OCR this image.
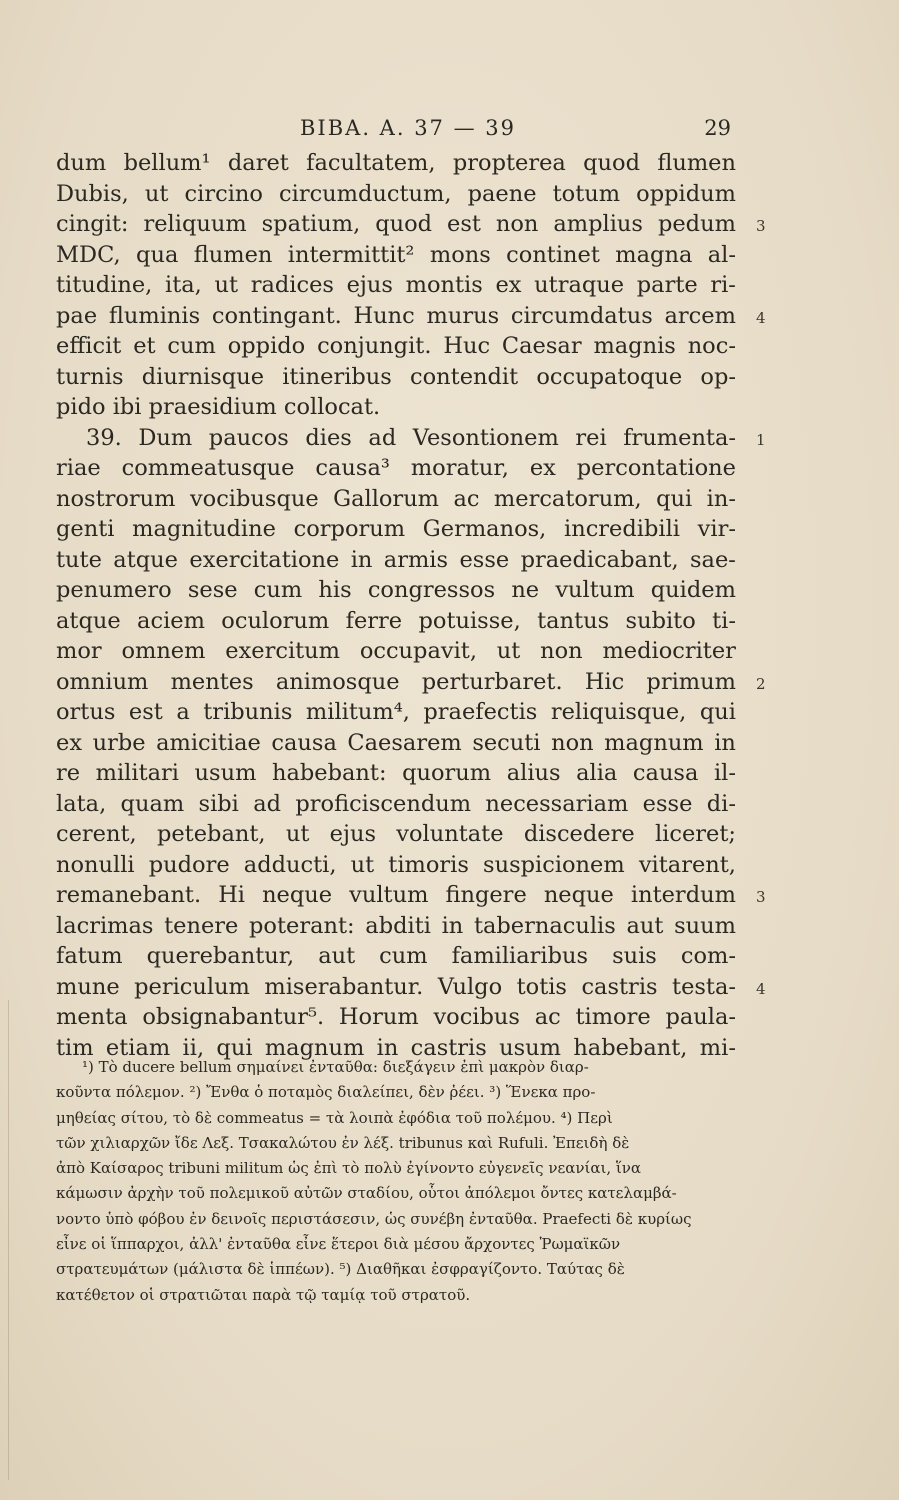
BIBA. A. 37 — 39	29
dum bellum¹ daret facultatem, propterea quod flumen
Dubis, ut circino circumductum, paene totum oppidum
cingit: reliquum spatium, quod est non amplius pedum 3
MDC, qua flumen intermittit² mons continet magna al-
titudine, ita, ut radices ejus montis ex utraque parte ri-
pae fluminis contingant. Hunc murus circumdatus arcem 4
efficit et cum oppido conjungit. Huc Caesar magnis noc-
turnis diurnisque itineribus contendit occupatoque op-
pido ibi praesidium collocat.
39. Dum paucos dies ad Vesontionem rei frumenta- 1
riae commeatusque causa³ moratur, ex percontatione
nostrorum vocibusque Gallorum ac mercatorum, qui in-
genti magnitudine corporum Germanos, incredibili vir-
tute atque exercitatione in armis esse praedicabant, sae-
penumero sese cum his congressos ne vultum quidem
atque aciem oculorum ferre potuisse, tantus subito ti-
mor omnem exercitum occupavit, ut non mediocriter
omnium mentes animosque perturbaret. Hic primum 2
ortus est a tribunis militum⁴, praefectis reliquisque, qui
ex urbe amicitiae causa Caesarem secuti non magnum in
re militari usum habebant: quorum alius alia causa il-
lata, quam sibi ad proficiscendum necessariam esse di-
cerent, petebant, ut ejus voluntate discedere liceret;
nonulli pudore adducti, ut timoris suspicionem vitarent,
remanebant. Hi neque vultum fingere neque interdum 3
lacrimas tenere poterant: abditi in tabernaculis aut suum
fatum querebantur, aut cum familiaribus suis com-
mune periculum miserabantur. Vulgo totis castris testa- 4
menta obsignabantur⁵. Horum vocibus ac timore paula-
tim etiam ii, qui magnum in castris usum habebant, mi-
¹) Τὸ ducere bellum σημαίνει ἐνταῦθα: διεξάγειν ἐπὶ μακρὸν διαρ-
κοῦντα πόλεμον. ²) Ἔνθα ὁ ποταμὸς διαλείπει, δὲν ῥέει. ³) Ἕνεκα προ-
μηθείας σίτου, τὸ δὲ commeatus = τὰ λοιπὰ ἐφόδια τοῦ πολέμου. ⁴) Περὶ
τῶν χιλιαρχῶν ἴδε Λεξ. Τσακαλώτου ἐν λέξ. tribunus καὶ Rufuli. Ἐπειδὴ δὲ
ἀπὸ Καίσαρος tribuni militum ὡς ἐπὶ τὸ πολὺ ἐγίνοντο εὐγενεῖς νεανίαι, ἵνα
κάμωσιν ἀρχὴν τοῦ πολεμικοῦ αὐτῶν σταδίου, οὗτοι ἀπόλεμοι ὄντες κατελαμβά-
νοντο ὑπὸ φόβου ἐν δεινοῖς περιστάσεσιν, ὡς συνέβη ἐνταῦθα. Praefecti δὲ κυρίως
εἶνε οἱ ἵππαρχοι, ἀλλ' ἐνταῦθα εἶνε ἕτεροι διὰ μέσου ἄρχοντες Ῥωμαϊκῶν
στρατευμάτων (μάλιστα δὲ ἱππέων). ⁵) Διαθῆκαι ἐσφραγίζοντο. Ταύτας δὲ
κατέθετον οἱ στρατιῶται παρὰ τῷ ταμίᾳ τοῦ στρατοῦ.
